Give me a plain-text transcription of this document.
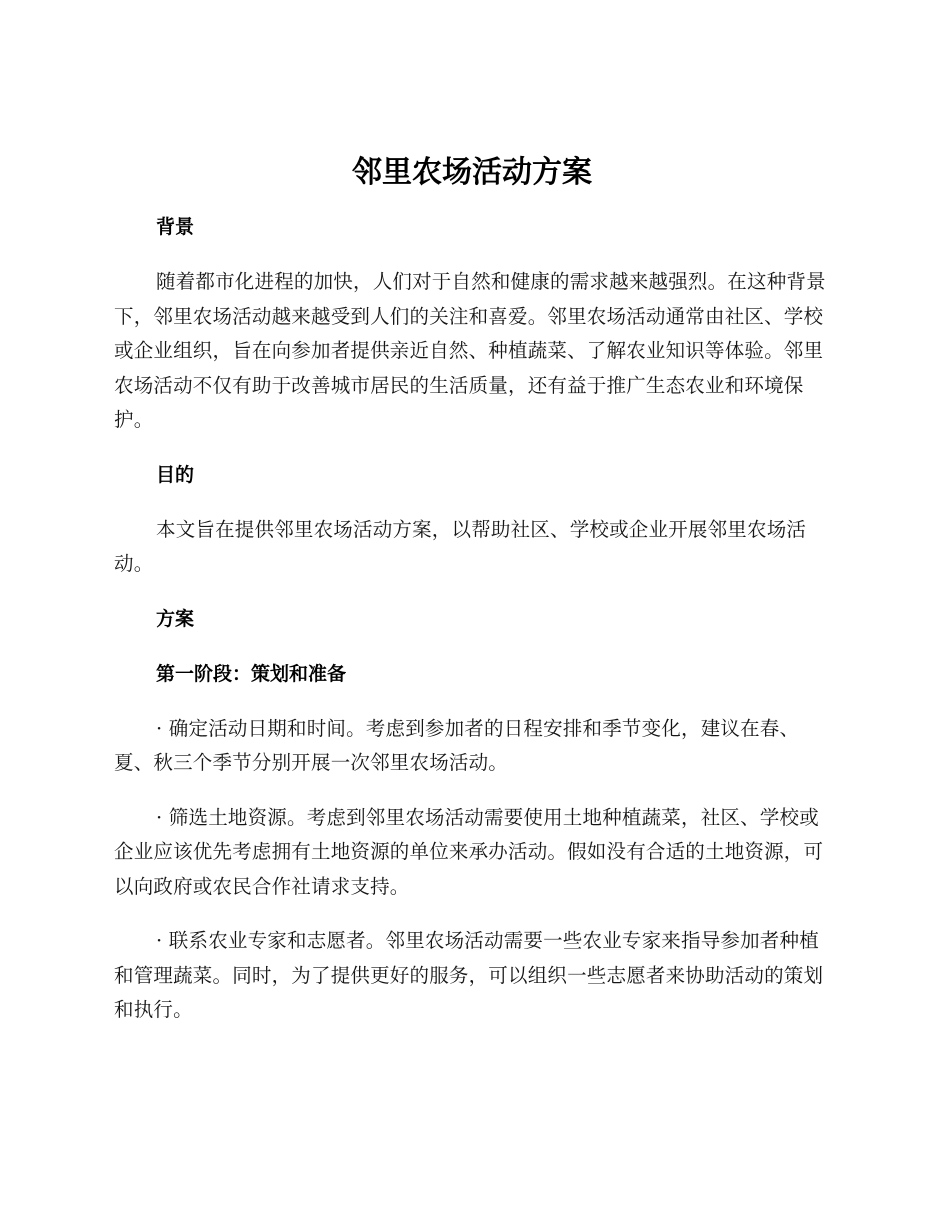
邻里农场活动方案
背景

随着都市化进程的加快，人们对于自然和健康的需求越来越强烈。在这种背景下，邻里农场活动越来越受到人们的关注和喜爱。邻里农场活动通常由社区、学校或企业组织，旨在向参加者提供亲近自然、种植蔬菜、了解农业知识等体验。邻里农场活动不仅有助于改善城市居民的生活质量，还有益于推广生态农业和环境保护。

目的

本文旨在提供邻里农场活动方案，以帮助社区、学校或企业开展邻里农场活动。

方案
第一阶段：策划和准备

· 确定活动日期和时间。考虑到参加者的日程安排和季节变化，建议在春、夏、秋三个季节分别开展一次邻里农场活动。

· 筛选土地资源。考虑到邻里农场活动需要使用土地种植蔬菜，社区、学校或企业应该优先考虑拥有土地资源的单位来承办活动。假如没有合适的土地资源，可以向政府或农民合作社请求支持。

· 联系农业专家和志愿者。邻里农场活动需要一些农业专家来指导参加者种植和管理蔬菜。同时，为了提供更好的服务，可以组织一些志愿者来协助活动的策划和执行。
